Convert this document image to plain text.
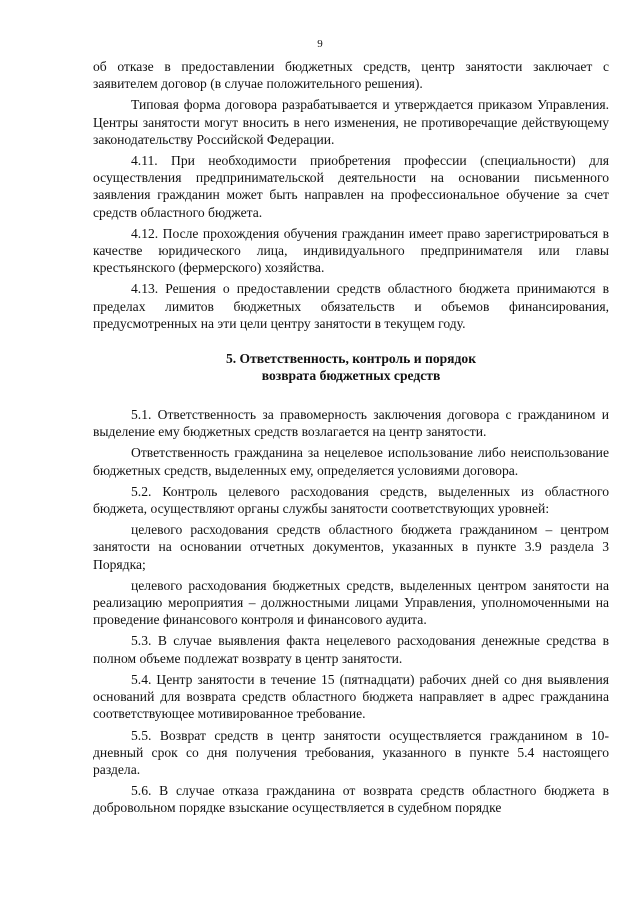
9

об отказе в предоставлении бюджетных средств, центр занятости заключает с заявителем договор (в случае положительного решения).

Типовая форма договора разрабатывается и утверждается приказом Управления. Центры занятости могут вносить в него изменения, не противоречащие действующему законодательству Российской Федерации.

4.11. При необходимости приобретения профессии (специальности) для осуществления предпринимательской деятельности на основании письменного заявления гражданин может быть направлен на профессиональное обучение за счет средств областного бюджета.

4.12. После прохождения обучения гражданин имеет право зарегистрироваться в качестве юридического лица, индивидуального предпринимателя или главы крестьянского (фермерского) хозяйства.

4.13. Решения о предоставлении средств областного бюджета принимаются в пределах лимитов бюджетных обязательств и объемов финансирования, предусмотренных на эти цели центру занятости в текущем году.

5. Ответственность, контроль и порядок
возврата бюджетных средств

5.1. Ответственность за правомерность заключения договора с гражданином и выделение ему бюджетных средств возлагается на центр занятости.

Ответственность гражданина за нецелевое использование либо неиспользование бюджетных средств, выделенных ему, определяется условиями договора.

5.2. Контроль целевого расходования средств, выделенных из областного бюджета, осуществляют органы службы занятости соответствующих уровней:

целевого расходования средств областного бюджета гражданином – центром занятости на основании отчетных документов, указанных в пункте 3.9 раздела 3 Порядка;

целевого расходования бюджетных средств, выделенных центром занятости на реализацию мероприятия – должностными лицами Управления, уполномоченными на проведение финансового контроля и финансового аудита.

5.3. В случае выявления факта нецелевого расходования денежные средства в полном объеме подлежат возврату в центр занятости.

5.4. Центр занятости в течение 15 (пятнадцати) рабочих дней со дня выявления оснований для возврата средств областного бюджета направляет в адрес гражданина соответствующее мотивированное требование.

5.5. Возврат средств в центр занятости осуществляется гражданином в 10-дневный срок со дня получения требования, указанного в пункте 5.4 настоящего раздела.

5.6. В случае отказа гражданина от возврата средств областного бюджета в добровольном порядке взыскание осуществляется в судебном порядке
